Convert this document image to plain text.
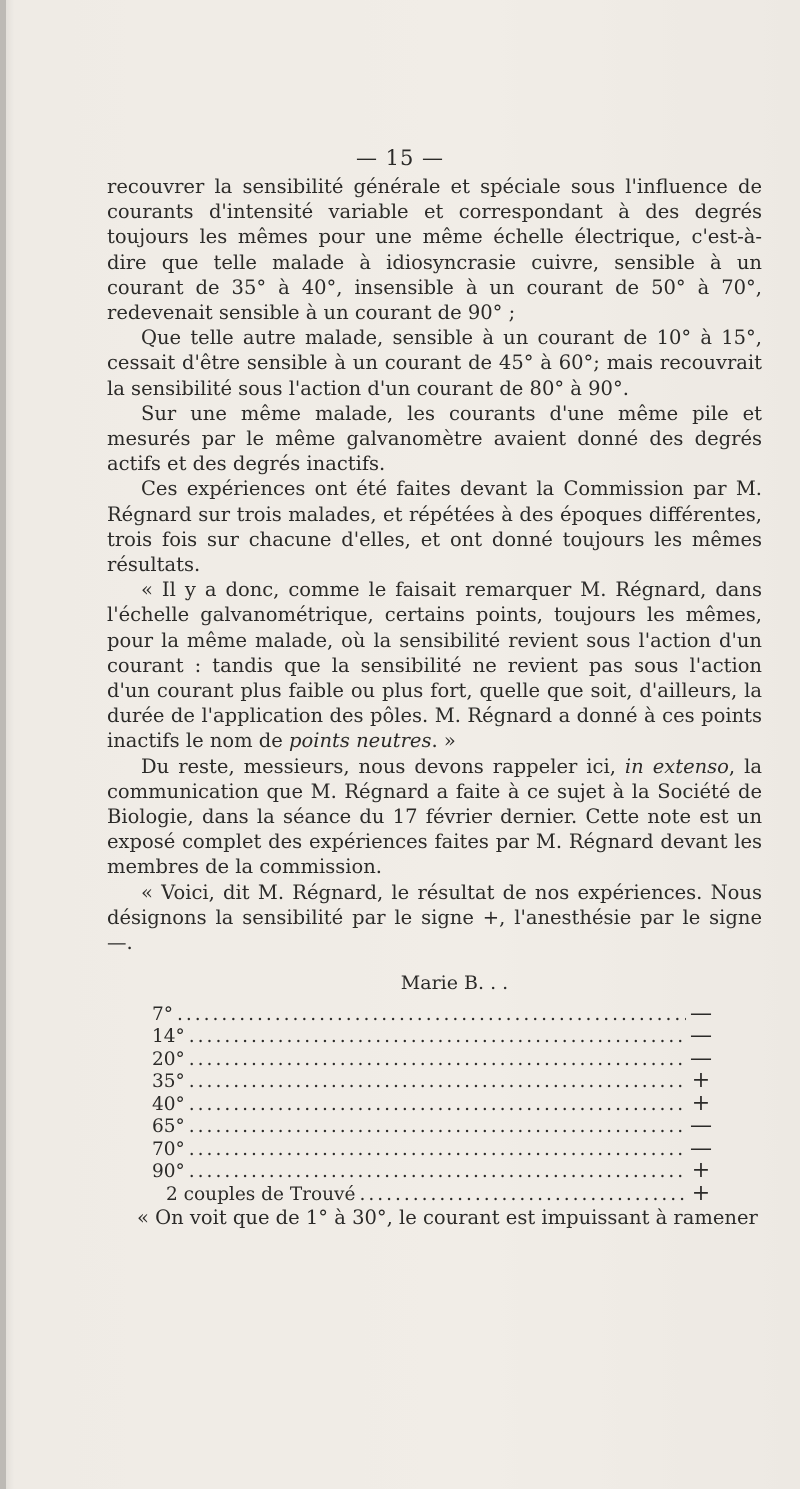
— 15 —

recouvrer la sensibilité générale et spéciale sous l'influence de courants d'intensité variable et correspondant à des degrés toujours les mêmes pour une même échelle électrique, c'est-à-dire que telle malade à idiosyncrasie cuivre, sensible à un courant de 35° à 40°, insensible à un courant de 50° à 70°, redevenait sensible à un courant de 90° ;

Que telle autre malade, sensible à un courant de 10° à 15°, cessait d'être sensible à un courant de 45° à 60°; mais recouvrait la sensibilité sous l'action d'un courant de 80° à 90°.

Sur une même malade, les courants d'une même pile et mesurés par le même galvanomètre avaient donné des degrés actifs et des degrés inactifs.

Ces expériences ont été faites devant la Commission par M. Régnard sur trois malades, et répétées à des époques différentes, trois fois sur chacune d'elles, et ont donné toujours les mêmes résultats.

« Il y a donc, comme le faisait remarquer M. Régnard, dans l'échelle galvanométrique, certains points, toujours les mêmes, pour la même malade, où la sensibilité revient sous l'action d'un courant : tandis que la sensibilité ne revient pas sous l'action d'un courant plus faible ou plus fort, quelle que soit, d'ailleurs, la durée de l'application des pôles. M. Régnard a donné à ces points inactifs le nom de points neutres. »

Du reste, messieurs, nous devons rappeler ici, in extenso, la communication que M. Régnard a faite à ce sujet à la Société de Biologie, dans la séance du 17 février dernier. Cette note est un exposé complet des expériences faites par M. Régnard devant les membres de la commission.

« Voici, dit M. Régnard, le résultat de nos expériences. Nous désignons la sensibilité par le signe +, l'anesthésie par le signe —.

Marie B. . .
7° .....	—
14° .....	—
20° .....	—
35° .....	+
40° .....	+
65° .....	—
70° .....	—
90° .....	+
2 couples de Trouvé .....	+

« On voit que de 1° à 30°, le courant est impuissant à ramener
